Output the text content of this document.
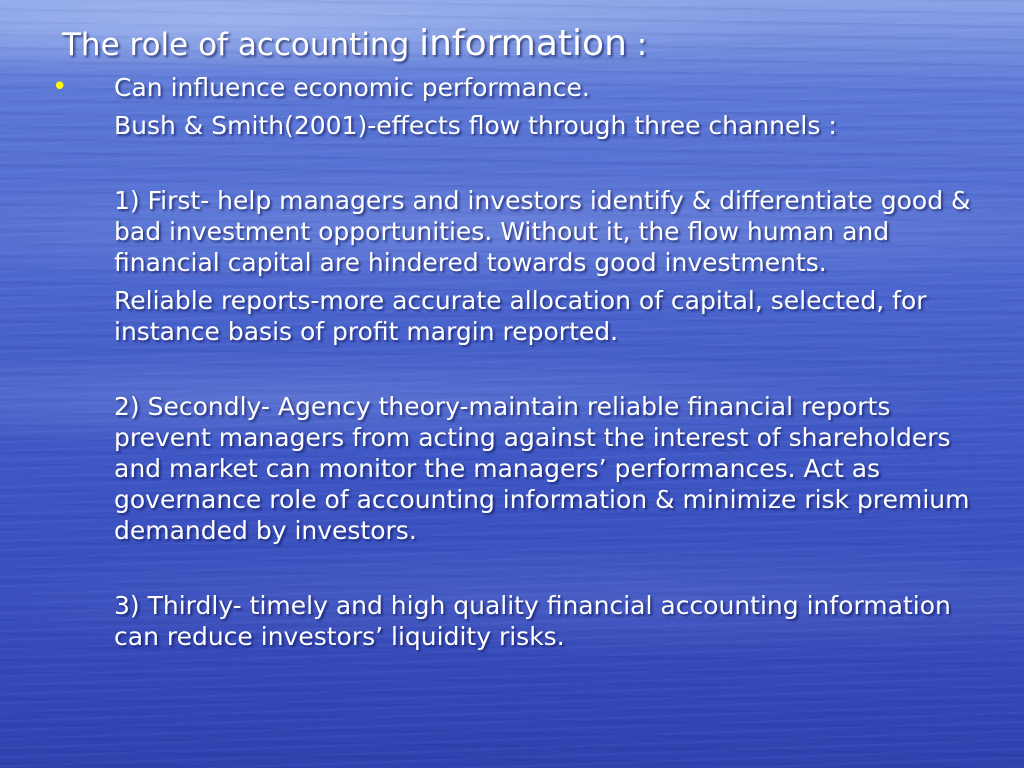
The role of accounting information :
• Can influence economic performance.

Bush & Smith(2001)-effects flow through three channels :

1) First- help managers and investors identify & differentiate good & bad investment opportunities. Without it, the flow human and financial capital are hindered towards good investments.

Reliable reports-more accurate allocation of capital, selected, for instance basis of profit margin reported.

2) Secondly- Agency theory-maintain reliable financial reports prevent managers from acting against the interest of shareholders and market can monitor the managers’ performances. Act as governance role of accounting information & minimize risk premium demanded by investors.

3) Thirdly- timely and high quality financial accounting information can reduce investors’ liquidity risks.
